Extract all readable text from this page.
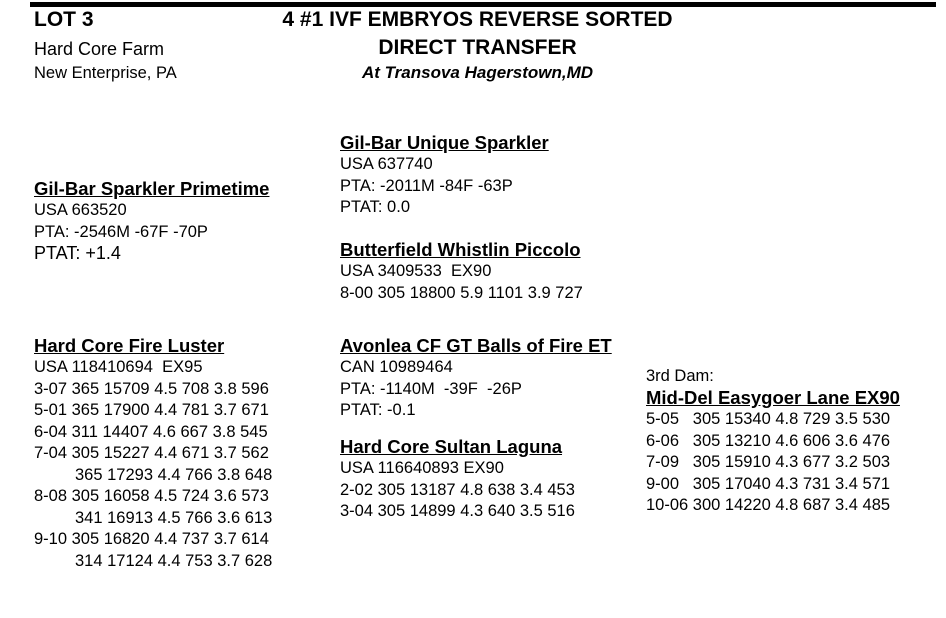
LOT 3
Hard Core Farm
New Enterprise, PA
4 #1 IVF EMBRYOS REVERSE SORTED
DIRECT TRANSFER
At Transova Hagerstown,MD
Gil-Bar Sparkler Primetime
USA 663520
PTA: -2546M -67F -70P
PTAT: +1.4
Gil-Bar Unique Sparkler
USA 637740
PTA: -2011M -84F -63P
PTAT: 0.0
Butterfield Whistlin Piccolo
USA 3409533  EX90
8-00 305 18800 5.9 1101 3.9 727
Hard Core Fire Luster
USA 118410694  EX95
3-07 365 15709 4.5 708 3.8 596
5-01 365 17900 4.4 781 3.7 671
6-04 311 14407 4.6 667 3.8 545
7-04 305 15227 4.4 671 3.7 562
365 17293 4.4 766 3.8 648
8-08 305 16058 4.5 724 3.6 573
341 16913 4.5 766 3.6 613
9-10 305 16820 4.4 737 3.7 614
314 17124 4.4 753 3.7 628
Avonlea CF GT Balls of Fire ET
CAN 10989464
PTA: -1140M  -39F  -26P
PTAT: -0.1
Hard Core Sultan Laguna
USA 116640893 EX90
2-02 305 13187 4.8 638 3.4 453
3-04 305 14899 4.3 640 3.5 516
3rd Dam:
Mid-Del Easygoer Lane EX90
5-05   305 15340 4.8 729 3.5 530
6-06   305 13210 4.6 606 3.6 476
7-09   305 15910 4.3 677 3.2 503
9-00   305 17040 4.3 731 3.4 571
10-06 300 14220 4.8 687 3.4 485
